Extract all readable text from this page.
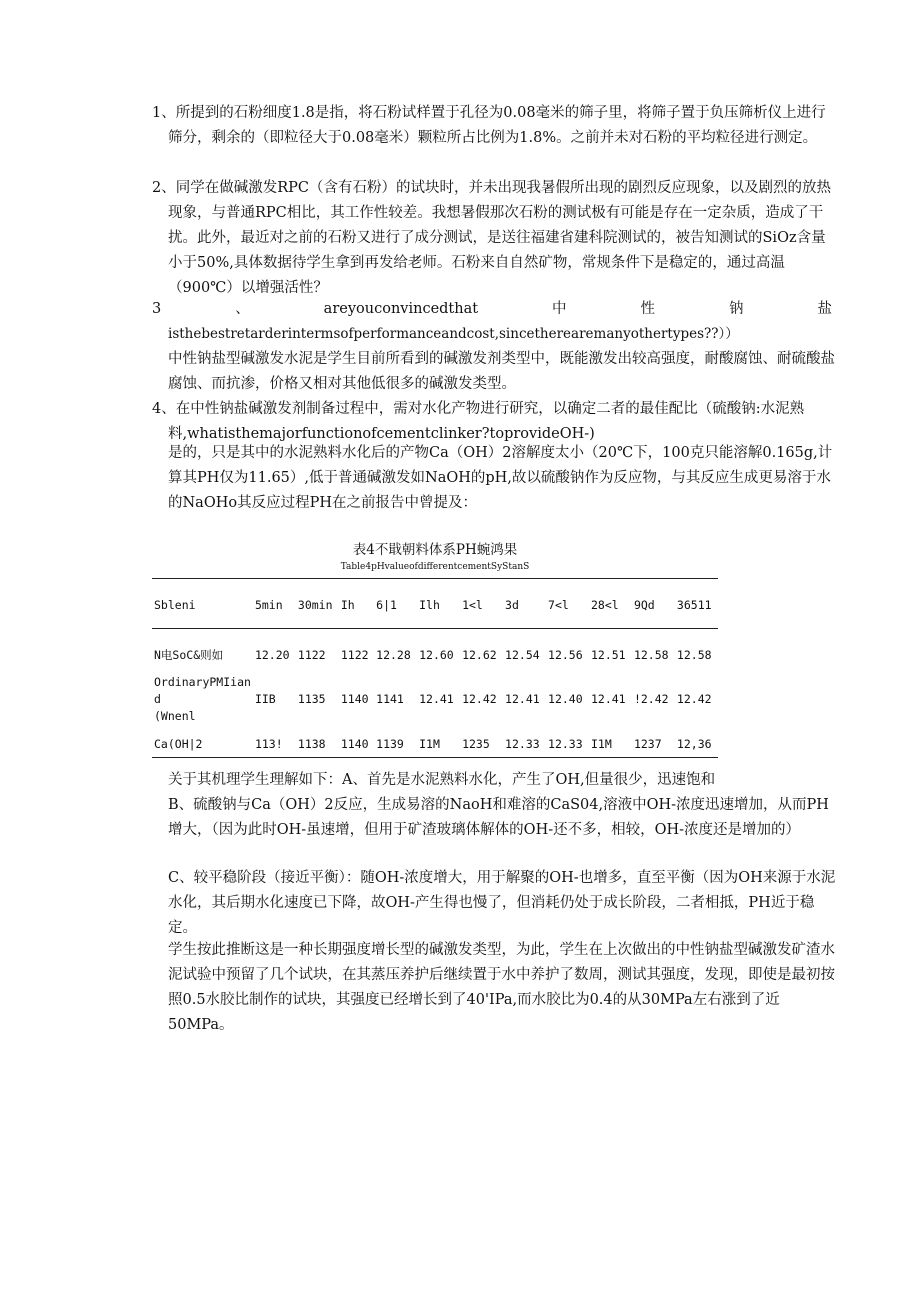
1、所提到的石粉细度1.8是指，将石粉试样置于孔径为0.08毫米的筛子里，将筛子置于负压筛析仪上进行筛分，剩余的（即粒径大于0.08毫米）颗粒所占比例为1.8%。之前并未对石粉的平均粒径进行测定。

2、同学在做碱激发RPC（含有石粉）的试块时，并未出现我暑假所出现的剧烈反应现象，以及剧烈的放热现象，与普通RPC相比，其工作性较差。我想暑假那次石粉的测试极有可能是存在一定杂质，造成了干扰。此外，最近对之前的石粉又进行了成分测试，是送往福建省建科院测试的，被告知测试的SiOz含量小于50%,具体数据待学生拿到再发给老师。石粉来自自然矿物，常规条件下是稳定的，通过高温（900℃）以增强活性？

3	、	areyouconvincedthat	中	性	钠	盐

isthebestretarderintermsofperformanceandcost,sincetherearemanyothertypes??））

中性钠盐型碱激发水泥是学生目前所看到的碱激发剂类型中，既能激发出较高强度，耐酸腐蚀、耐硫酸盐腐蚀、而抗渗，价格又相对其他低很多的碱激发类型。

4、在中性钠盐碱激发剂制备过程中，需对水化产物进行研究，以确定二者的最佳配比（硫酸钠:水泥熟料,whatisthemajorfunctionofcementclinker?toprovideOH-)

是的，只是其中的水泥熟料水化后的产物Ca（OH）2溶解度太小（20℃下，100克只能溶解0.165g,计算其PH仅为11.65）,低于普通碱激发如NaOH的pH,故以硫酸钠作为反应物，与其反应生成更易溶于水的NaOHo其反应过程PH在之前报告中曾提及：

表4不戢朝料体系PH蜿鸿果
Table4pHvalueofdifferentcementSyStanS
Sbleni	5min	30min	Ih	6|1	Ilh	1<l	3d	7<l	28<l	9Qd	36511

N电SoC&则如	12.20	1122	1122	12.28	12.60	12.62	12.54	12.56	12.51	12.58	12.58
OrdinaryPMIian
d
(Wnenl	IIB	1135	1140	1141	12.41	12.42	12.41	12.40	12.41	!2.42	12.42
Ca(OH|2	113!	1138	1140	1139	I1M	1235	12.33	12.33	I1M	1237	12,36

关于其机理学生理解如下：A、首先是水泥熟料水化，产生了OH,但量很少，迅速饱和

B、硫酸钠与Ca（OH）2反应，生成易溶的NaoH和难溶的CaS04,溶液中OH-浓度迅速增加，从而PH增大，（因为此时OH-虽速增，但用于矿渣玻璃体解体的OH-还不多，相较，OH-浓度还是增加的）

C、较平稳阶段（接近平衡）：随OH-浓度增大，用于解聚的OH-也增多，直至平衡（因为OH来源于水泥水化，其后期水化速度已下降，故OH-产生得也慢了，但消耗仍处于成长阶段，二者相抵，PH近于稳定。

学生按此推断这是一种长期强度增长型的碱激发类型，为此，学生在上次做出的中性钠盐型碱激发矿渣水泥试验中预留了几个试块，在其蒸压养护后继续置于水中养护了数周，测试其强度，发现，即使是最初按照0.5水胶比制作的试块，其强度已经增长到了40'IPa,而水胶比为0.4的从30MPa左右涨到了近50MPa。
